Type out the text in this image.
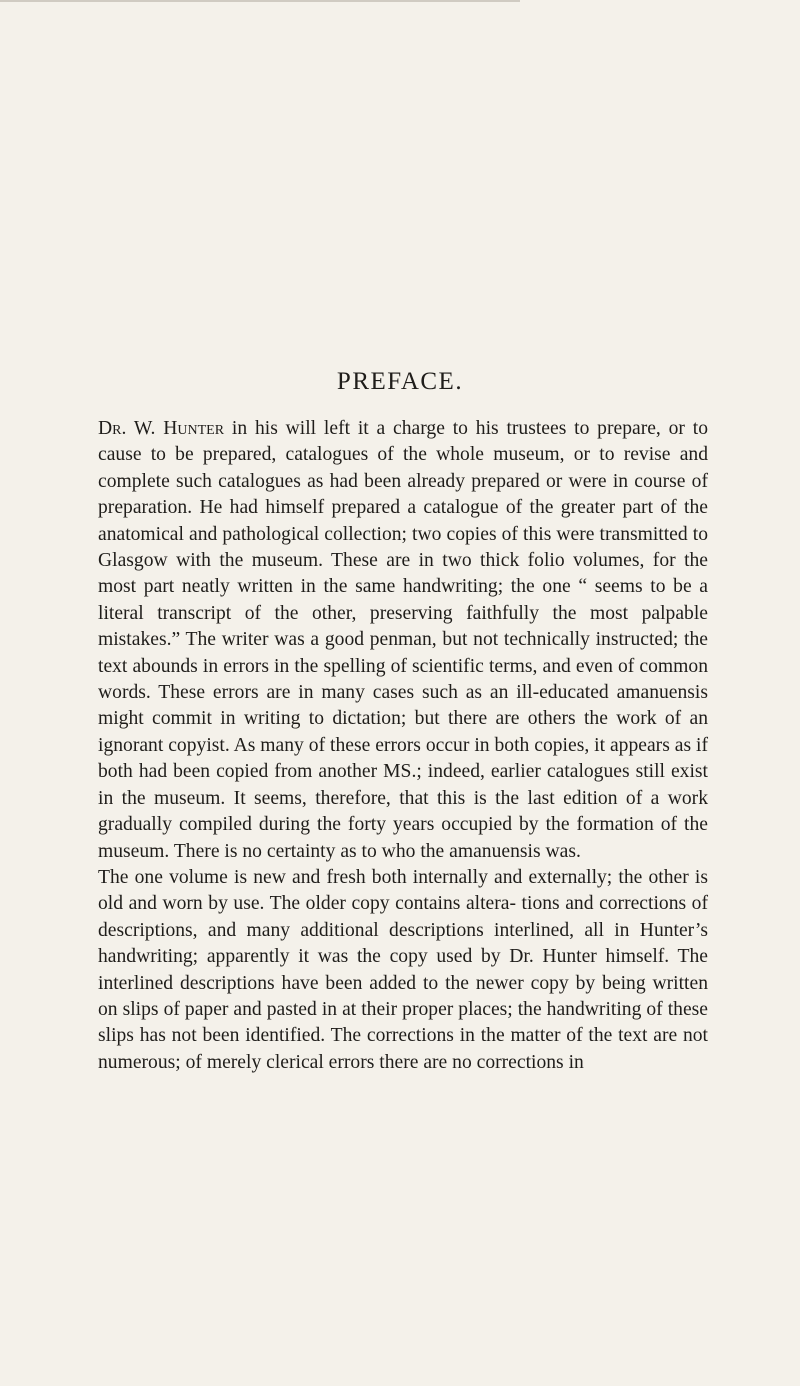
PREFACE.

Dr. W. Hunter in his will left it a charge to his trustees to prepare, or to cause to be prepared, catalogues of the whole museum, or to revise and complete such catalogues as had been already prepared or were in course of preparation. He had himself prepared a catalogue of the greater part of the anatomical and pathological collection; two copies of this were transmitted to Glasgow with the museum. These are in two thick folio volumes, for the most part neatly written in the same handwriting; the one “ seems to be a literal transcript of the other, preserving faithfully the most palpable mistakes.” The writer was a good penman, but not technically instructed; the text abounds in errors in the spelling of scientific terms, and even of common words. These errors are in many cases such as an ill-educated amanuensis might commit in writing to dictation; but there are others the work of an ignorant copyist. As many of these errors occur in both copies, it appears as if both had been copied from another MS.; indeed, earlier catalogues still exist in the museum. It seems, therefore, that this is the last edition of a work gradually compiled during the forty years occupied by the formation of the museum. There is no certainty as to who the amanuensis was.

The one volume is new and fresh both internally and externally; the other is old and worn by use. The older copy contains altera- tions and corrections of descriptions, and many additional descriptions interlined, all in Hunter’s handwriting; apparently it was the copy used by Dr. Hunter himself. The interlined descriptions have been added to the newer copy by being written on slips of paper and pasted in at their proper places; the handwriting of these slips has not been identified. The corrections in the matter of the text are not numerous; of merely clerical errors there are no corrections in
